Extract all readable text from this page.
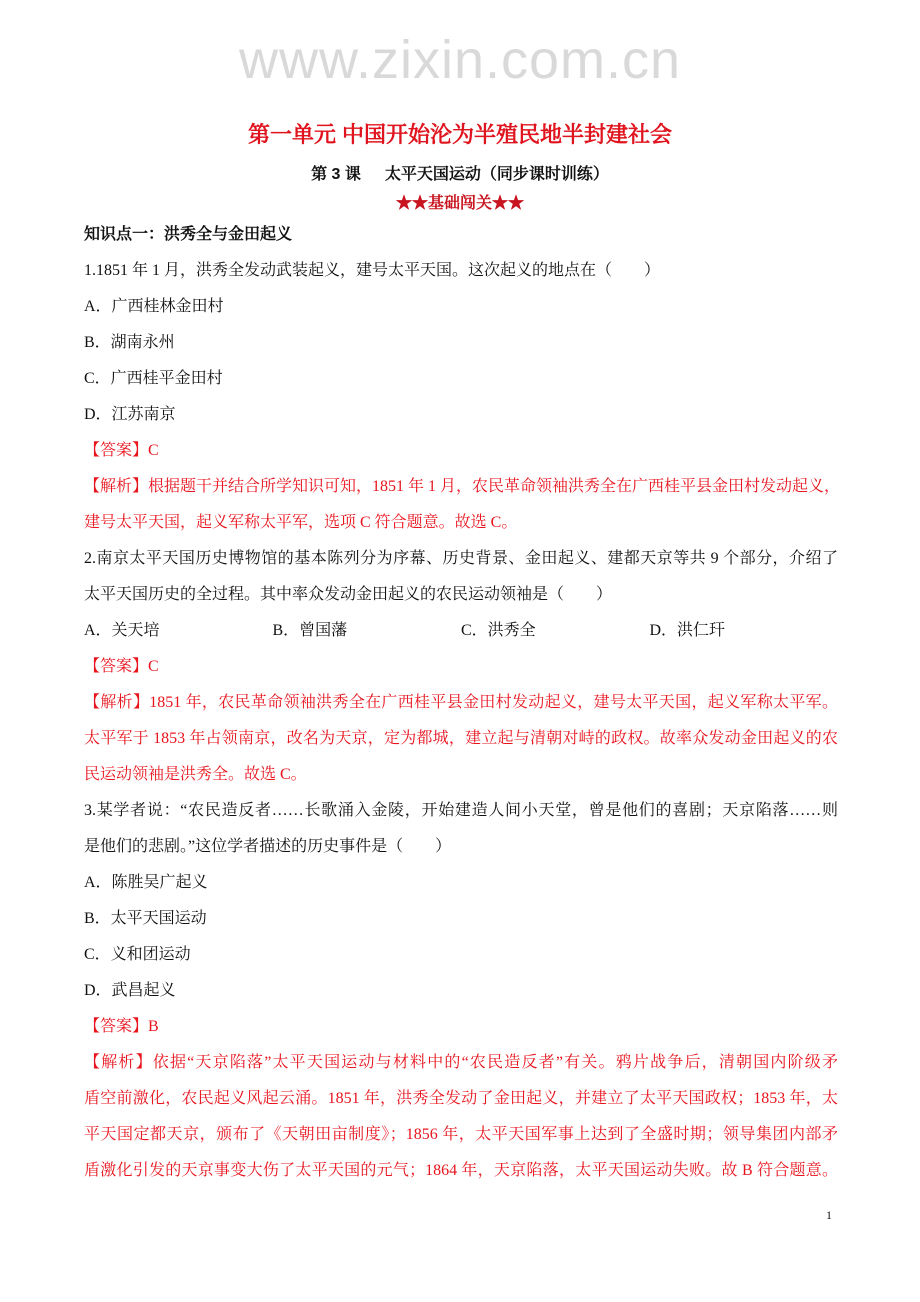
www.zixin.com.cn
第一单元 中国开始沦为半殖民地半封建社会
第 3 课 太平天国运动（同步课时训练）
★★基础闯关★★
知识点一：洪秀全与金田起义
1.1851 年 1 月，洪秀全发动武装起义，建号太平天国。这次起义的地点在（　　）
A．广西桂林金田村
B．湖南永州
C．广西桂平金田村
D．江苏南京
【答案】C
【解析】根据题干并结合所学知识可知，1851 年 1 月，农民革命领袖洪秀全在广西桂平县金田村发动起义，
建号太平天国，起义军称太平军，选项 C 符合题意。故选 C。
2.南京太平天国历史博物馆的基本陈列分为序幕、历史背景、金田起义、建都天京等共 9 个部分，介绍了
太平天国历史的全过程。其中率众发动金田起义的农民运动领袖是（　　）
A．关天培	B．曾国藩	C．洪秀全	D．洪仁玕
【答案】C
【解析】1851 年，农民革命领袖洪秀全在广西桂平县金田村发动起义，建号太平天国，起义军称太平军。
太平军于 1853 年占领南京，改名为天京，定为都城，建立起与清朝对峙的政权。故率众发动金田起义的农
民运动领袖是洪秀全。故选 C。
3.某学者说：“农民造反者……长歌涌入金陵，开始建造人间小天堂，曾是他们的喜剧；天京陷落……则
是他们的悲剧。”这位学者描述的历史事件是（　　）
A．陈胜吴广起义
B．太平天国运动
C．义和团运动
D．武昌起义
【答案】B
【解析】依据“天京陷落”太平天国运动与材料中的“农民造反者”有关。鸦片战争后，清朝国内阶级矛
盾空前激化，农民起义风起云涌。1851 年，洪秀全发动了金田起义，并建立了太平天国政权；1853 年，太
平天国定都天京，颁布了《天朝田亩制度》；1856 年，太平天国军事上达到了全盛时期；领导集团内部矛
盾激化引发的天京事变大伤了太平天国的元气；1864 年，天京陷落，太平天国运动失败。故 B 符合题意。
1
